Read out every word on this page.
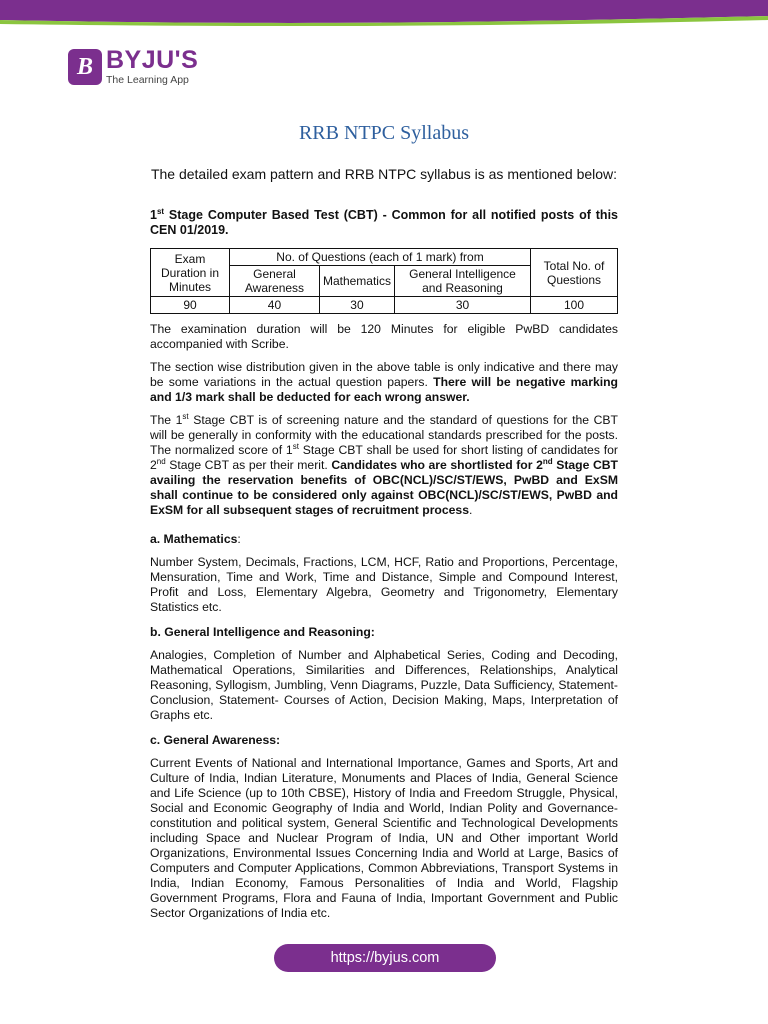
B BYJU'S
The Learning App
RRB NTPC Syllabus
The detailed exam pattern and RRB NTPC syllabus is as mentioned below:

1st Stage Computer Based Test (CBT) - Common for all notified posts of this CEN 01/2019.

Exam Duration in Minutes	No. of Questions (each of 1 mark) from			Total No. of Questions
	General Awareness	Mathematics	General Intelligence and Reasoning	
90	40	30	30	100

The examination duration will be 120 Minutes for eligible PwBD candidates accompanied with Scribe.

The section wise distribution given in the above table is only indicative and there may be some variations in the actual question papers. There will be negative marking and 1/3 mark shall be deducted for each wrong answer.

The 1st Stage CBT is of screening nature and the standard of questions for the CBT will be generally in conformity with the educational standards prescribed for the posts. The normalized score of 1st Stage CBT shall be used for short listing of candidates for 2nd Stage CBT as per their merit. Candidates who are shortlisted for 2nd Stage CBT availing the reservation benefits of OBC(NCL)/SC/ST/EWS, PwBD and ExSM shall continue to be considered only against OBC(NCL)/SC/ST/EWS, PwBD and ExSM for all subsequent stages of recruitment process.

a. Mathematics:

Number System, Decimals, Fractions, LCM, HCF, Ratio and Proportions, Percentage, Mensuration, Time and Work, Time and Distance, Simple and Compound Interest, Profit and Loss, Elementary Algebra, Geometry and Trigonometry, Elementary Statistics etc.

b. General Intelligence and Reasoning:

Analogies, Completion of Number and Alphabetical Series, Coding and Decoding, Mathematical Operations, Similarities and Differences, Relationships, Analytical Reasoning, Syllogism, Jumbling, Venn Diagrams, Puzzle, Data Sufficiency, Statement- Conclusion, Statement- Courses of Action, Decision Making, Maps, Interpretation of Graphs etc.

c. General Awareness:

Current Events of National and International Importance, Games and Sports, Art and Culture of India, Indian Literature, Monuments and Places of India, General Science and Life Science (up to 10th CBSE), History of India and Freedom Struggle, Physical, Social and Economic Geography of India and World, Indian Polity and Governance- constitution and political system, General Scientific and Technological Developments including Space and Nuclear Program of India, UN and Other important World Organizations, Environmental Issues Concerning India and World at Large, Basics of Computers and Computer Applications, Common Abbreviations, Transport Systems in India, Indian Economy, Famous Personalities of India and World, Flagship Government Programs, Flora and Fauna of India, Important Government and Public Sector Organizations of India etc.

https://byjus.com
